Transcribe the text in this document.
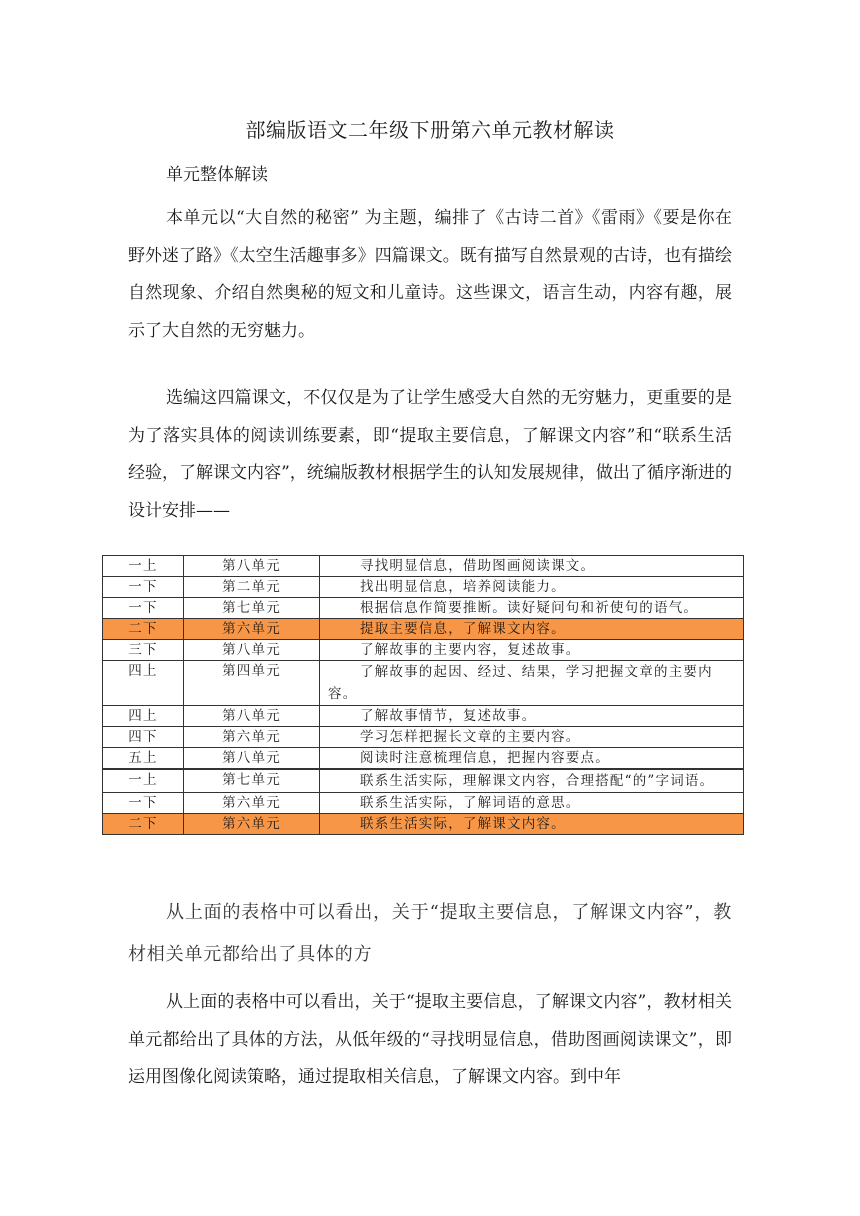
部编版语文二年级下册第六单元教材解读
单元整体解读

本单元以“大自然的秘密” 为主题，编排了《古诗二首》《雷雨》《要是你在野外迷了路》《太空生活趣事多》四篇课文。既有描写自然景观的古诗，也有描绘自然现象、介绍自然奥秘的短文和儿童诗。这些课文，语言生动，内容有趣，展示了大自然的无穷魅力。

选编这四篇课文，不仅仅是为了让学生感受大自然的无穷魅力，更重要的是为了落实具体的阅读训练要素，即“提取主要信息，了解课文内容”和“联系生活经验，了解课文内容”，统编版教材根据学生的认知发展规律，做出了循序渐进的设计安排——

一上	第八单元	寻找明显信息，借助图画阅读课文。
一下	第二单元	找出明显信息，培养阅读能力。
一下	第七单元	根据信息作简要推断。读好疑问句和祈使句的语气。
二下	第六单元	提取主要信息，了解课文内容。
三下	第八单元	了解故事的主要内容，复述故事。
四上	第四单元	了解故事的起因、经过、结果，学习把握文章的主要内容。
四上	第八单元	了解故事情节，复述故事。
四下	第六单元	学习怎样把握长文章的主要内容。
五上	第八单元	阅读时注意梳理信息，把握内容要点。
一上	第七单元	联系生活实际，理解课文内容，合理搭配“的”字词语。
一下	第六单元	联系生活实际，了解词语的意思。
二下	第六单元	联系生活实际，了解课文内容。

从上面的表格中可以看出，关于“提取主要信息，了解课文内容”，教材相关单元都给出了具体的方

从上面的表格中可以看出，关于“提取主要信息，了解课文内容”，教材相关单元都给出了具体的方法，从低年级的“寻找明显信息，借助图画阅读课文”，即运用图像化阅读策略，通过提取相关信息，了解课文内容。到中年
